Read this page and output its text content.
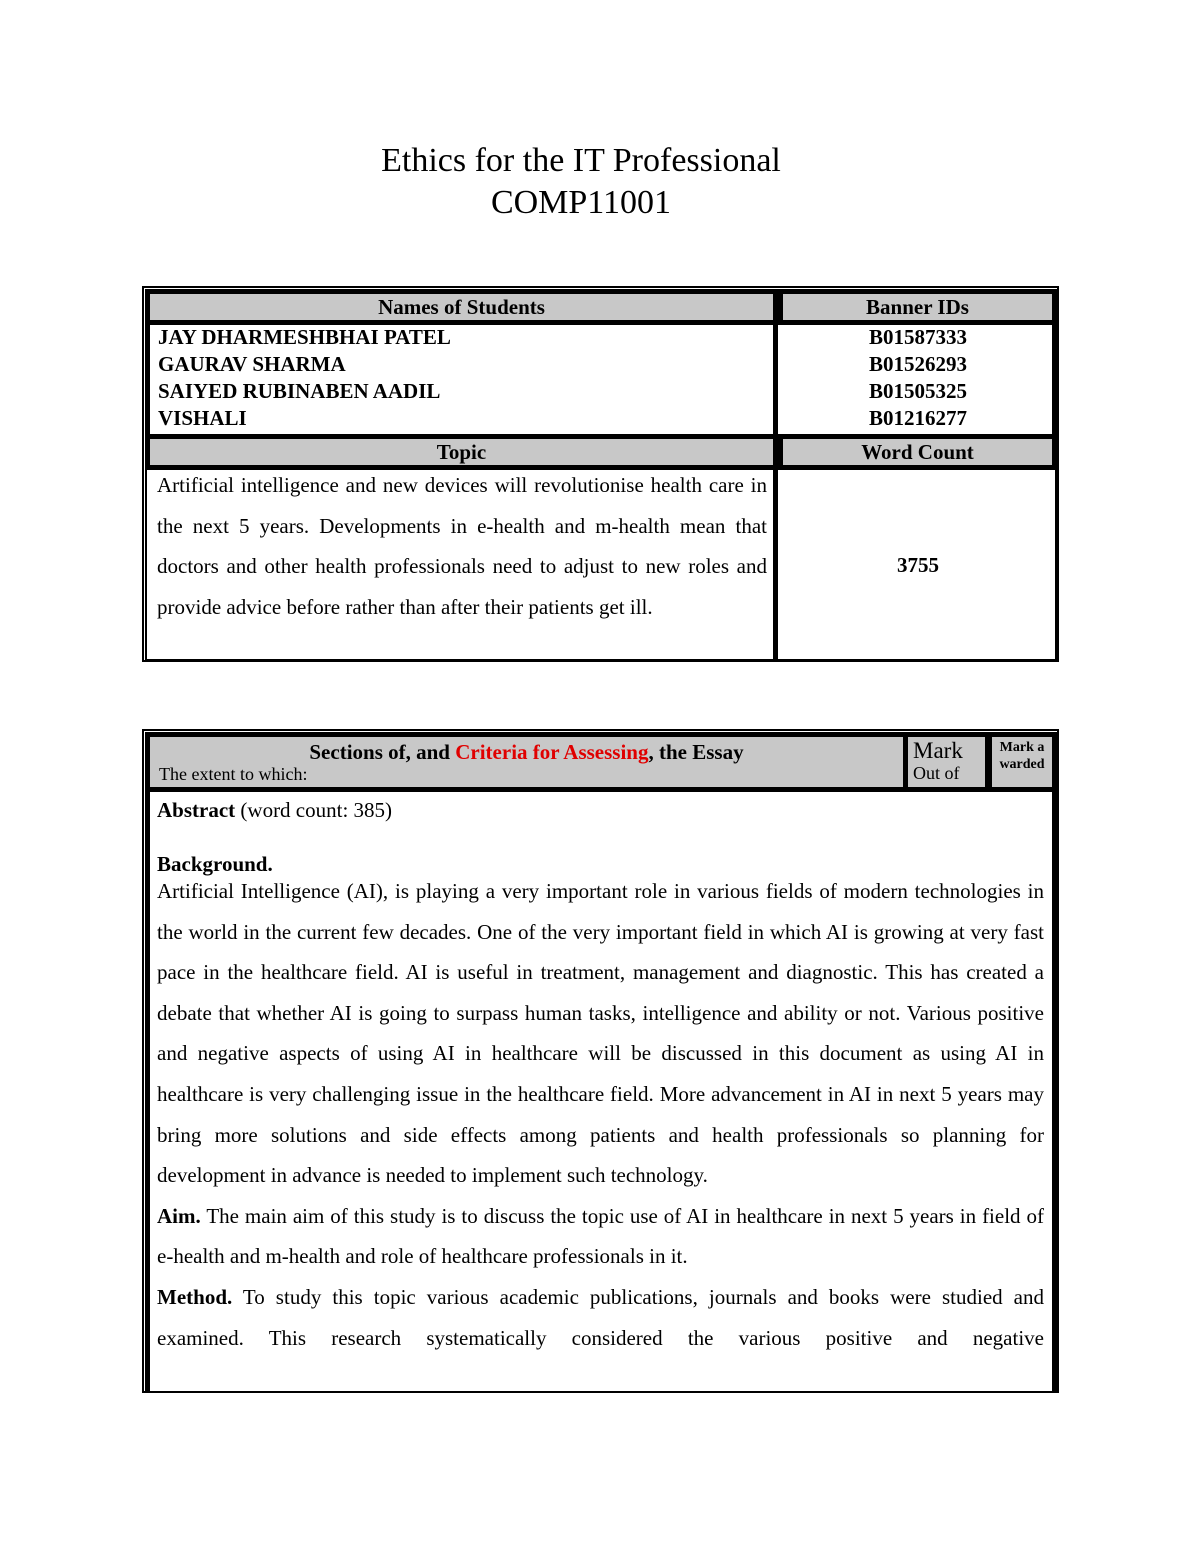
Ethics for the IT Professional
COMP11001
Names of Students	Banner IDs
JAY DHARMESHBHAI PATEL
GAURAV SHARMA
SAIYED RUBINABEN AADIL
VISHALI
B01587333
B01526293
B01505325
B01216277
Topic	Word Count
Artificial intelligence and new devices will revolutionise health care in the next 5 years. Developments in e-health and m-health mean that doctors and other health professionals need to adjust to new roles and provide advice before rather than after their patients get ill.
3755
Sections of, and Criteria for Assessing, the Essay
The extent to which:
Mark
Out of
Mark awarded

Abstract (word count: 385)

Background.

Artificial Intelligence (AI), is playing a very important role in various fields of modern technologies in the world in the current few decades. One of the very important field in which AI is growing at very fast pace in the healthcare field. AI is useful in treatment, management and diagnostic. This has created a debate that whether AI is going to surpass human tasks, intelligence and ability or not. Various positive and negative aspects of using AI in healthcare will be discussed in this document as using AI in healthcare is very challenging issue in the healthcare field. More advancement in AI in next 5 years may bring more solutions and side effects among patients and health professionals so planning for development in advance is needed to implement such technology.

Aim. The main aim of this study is to discuss the topic use of AI in healthcare in next 5 years in field of e-health and m-health and role of healthcare professionals in it.

Method. To study this topic various academic publications, journals and books were studied and examined. This research systematically considered the various positive and negative
